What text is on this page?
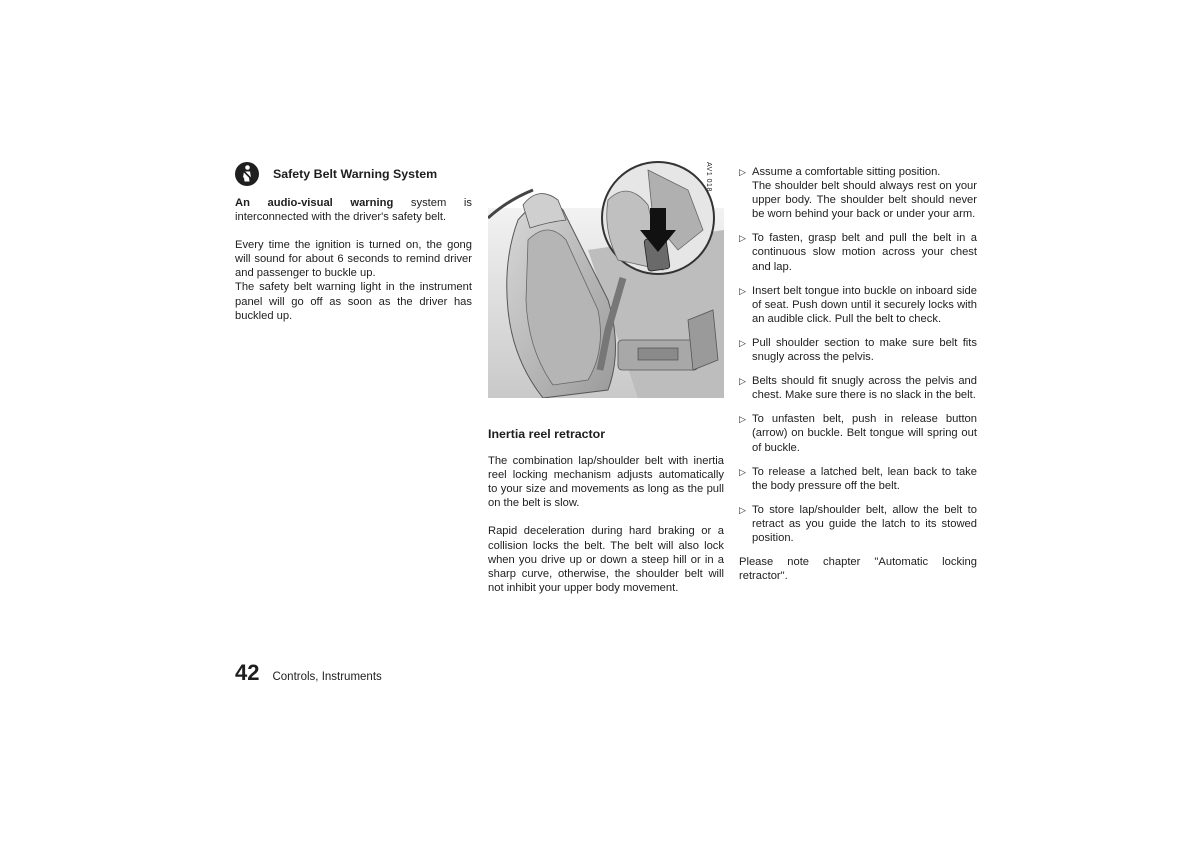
Safety Belt Warning System

An audio-visual warning system is interconnected with the driver's safety belt.

Every time the ignition is turned on, the gong will sound for about 6 seconds to remind driver and passenger to buckle up.

The safety belt warning light in the instrument panel will go off as soon as the driver has buckled up.

AV1 018
Inertia reel retractor

The combination lap/shoulder belt with inertia reel locking mechanism adjusts automatically to your size and movements as long as the pull on the belt is slow.

Rapid deceleration during hard braking or a collision locks the belt. The belt will also lock when you drive up or down a steep hill or in a sharp curve, otherwise, the shoulder belt will not inhibit your upper body movement.

▷ Assume a comfortable sitting position.
The shoulder belt should always rest on your upper body. The shoulder belt should never be worn behind your back or under your arm.
▷ To fasten, grasp belt and pull the belt in a continuous slow motion across your chest and lap.
▷ Insert belt tongue into buckle on inboard side of seat. Push down until it securely locks with an audible click. Pull the belt to check.
▷ Pull shoulder section to make sure belt fits snugly across the pelvis.
▷ Belts should fit snugly across the pelvis and chest. Make sure there is no slack in the belt.
▷ To unfasten belt, push in release button (arrow) on buckle. Belt tongue will spring out of buckle.
▷ To release a latched belt, lean back to take the body pressure off the belt.
▷ To store lap/shoulder belt, allow the belt to retract as you guide the latch to its stowed position.

Please note chapter "Automatic locking retractor".

42 Controls, Instruments
